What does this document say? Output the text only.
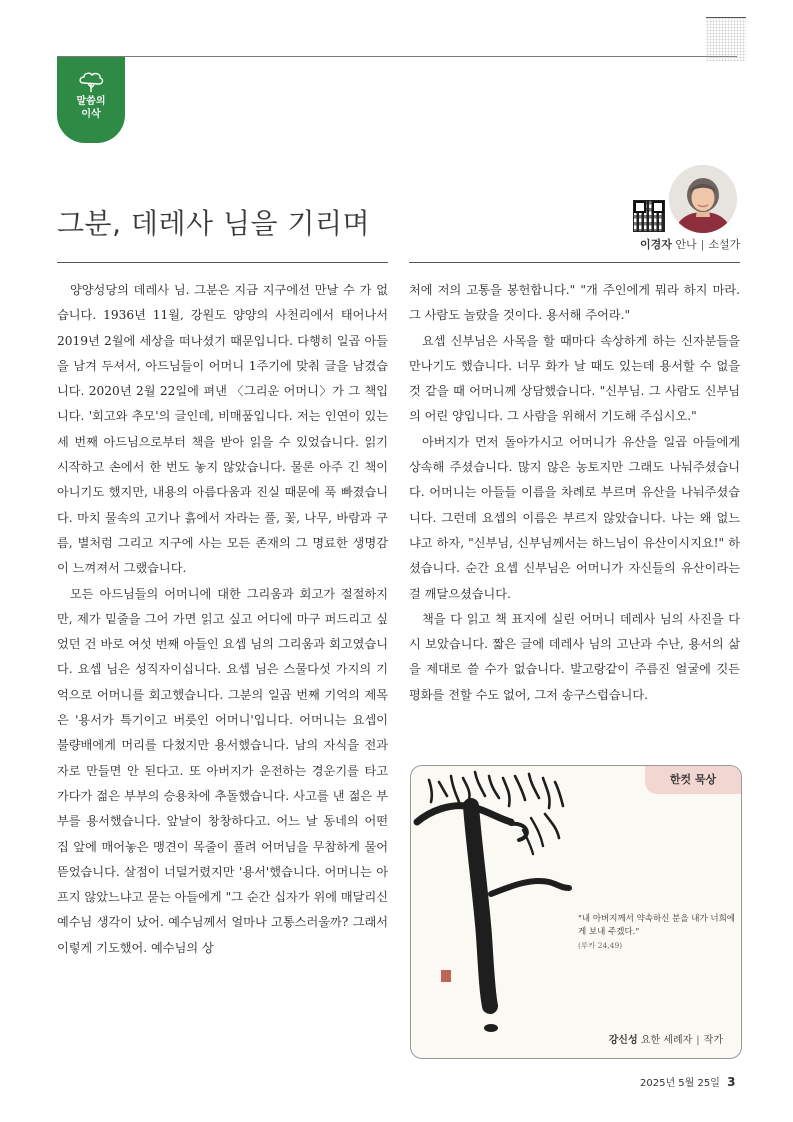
말씀의
이삭
그분, 데레사 님을 기리며
이경자 안나 | 소설가

양양성당의 데레사 님. 그분은 지금 지구에선 만날 수 가 없습니다. 1936년 11월, 강원도 양양의 사천리에서 태어나서 2019년 2월에 세상을 떠나셨기 때문입니다. 다행히 일곱 아들을 남겨 두셔서, 아드님들이 어머니 1주기에 맞춰 글을 남겼습니다. 2020년 2월 22일에 펴낸 〈그리운 어머니〉가 그 책입니다. '회고와 추모'의 글인데, 비매품입니다. 저는 인연이 있는 세 번째 아드님으로부터 책을 받아 읽을 수 있었습니다. 읽기 시작하고 손에서 한 번도 놓지 않았습니다. 물론 아주 긴 책이 아니기도 했지만, 내용의 아름다움과 진실 때문에 푹 빠졌습니다. 마치 물속의 고기나 흙에서 자라는 풀, 꽃, 나무, 바람과 구름, 별처럼 그리고 지구에 사는 모든 존재의 그 명료한 생명감이 느껴져서 그랬습니다.

모든 아드님들의 어머니에 대한 그리움과 회고가 절절하지만, 제가 밑줄을 그어 가면 읽고 싶고 어디에 마구 퍼드리고 싶었던 건 바로 여섯 번째 아들인 요셉 님의 그리움과 회고였습니다. 요셉 님은 성직자이십니다. 요셉 님은 스물다섯 가지의 기억으로 어머니를 회고했습니다. 그분의 일곱 번째 기억의 제목은 '용서가 특기이고 버릇인 어머니'입니다. 어머니는 요셉이 불량배에게 머리를 다쳤지만 용서했습니다. 남의 자식을 전과자로 만들면 안 된다고. 또 아버지가 운전하는 경운기를 타고 가다가 젊은 부부의 승용차에 추돌했습니다. 사고를 낸 젊은 부부를 용서했습니다. 앞날이 창창하다고. 어느 날 동네의 어떤 집 앞에 매어놓은 맹견이 목줄이 풀려 어머님을 무참하게 물어뜯었습니다. 살점이 너덜거렸지만 '용서'했습니다. 어머니는 아프지 않았느냐고 묻는 아들에게 "그 순간 십자가 위에 매달리신 예수님 생각이 났어. 예수님께서 얼마나 고통스러울까? 그래서 이렇게 기도했어. 예수님의 상

처에 저의 고통을 봉헌합니다." "개 주인에게 뭐라 하지 마라. 그 사람도 놀랐을 것이다. 용서해 주어라."

요셉 신부님은 사목을 할 때마다 속상하게 하는 신자분들을 만나기도 했습니다. 너무 화가 날 때도 있는데 용서할 수 없을 것 같을 때 어머니께 상담했습니다. "신부님. 그 사람도 신부님의 어린 양입니다. 그 사람을 위해서 기도해 주십시오."

아버지가 먼저 돌아가시고 어머니가 유산을 일곱 아들에게 상속해 주셨습니다. 많지 않은 농토지만 그래도 나눠주셨습니다. 어머니는 아들들 이름을 차례로 부르며 유산을 나눠주셨습니다. 그런데 요셉의 이름은 부르지 않았습니다. 나는 왜 없느냐고 하자, "신부님, 신부님께서는 하느님이 유산이시지요!" 하셨습니다. 순간 요셉 신부님은 어머니가 자신들의 유산이라는 걸 깨달으셨습니다.

책을 다 읽고 책 표지에 실린 어머니 데레사 님의 사진을 다시 보았습니다. 짧은 글에 데레사 님의 고난과 수난, 용서의 삶을 제대로 쓸 수가 없습니다. 발고랑같이 주름진 얼굴에 깃든 평화를 전할 수도 없어, 그저 송구스럽습니다.

한컷 묵상
"내 아버지께서 약속하신 분을 내가 너희에게 보내 주겠다."
(루카 24,49)
강신성 요한 세례자 | 작가
2025년 5월 25일 3
